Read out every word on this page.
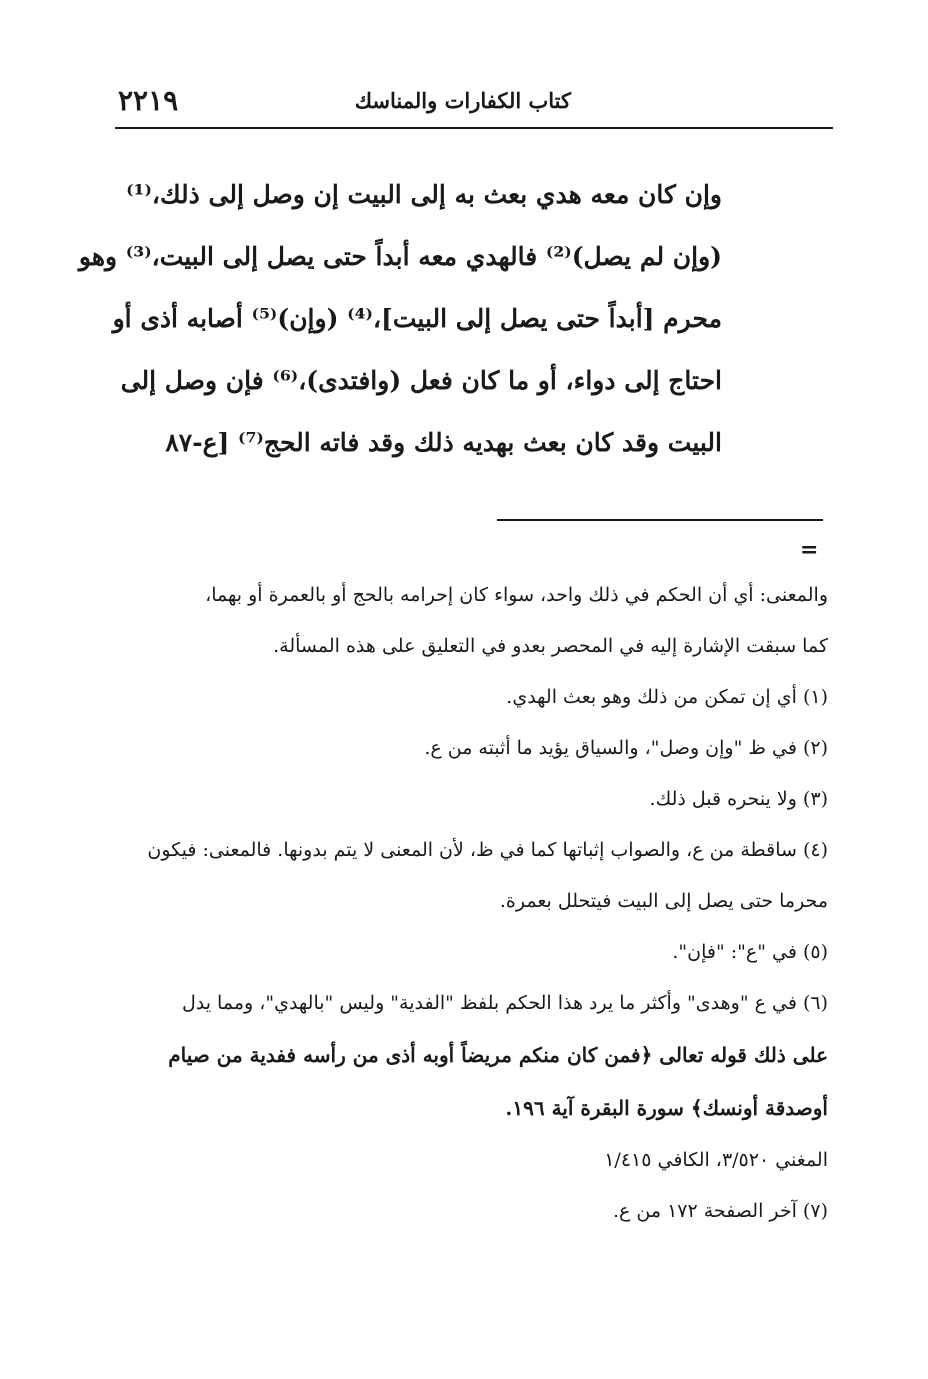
كتاب الكفارات والمناسك
٢٢١٩
وإن كان معه هدي بعث به إلى البيت إن وصل إلى ذلك،⁽¹⁾
(وإن لم يصل)⁽²⁾ فالهدي معه أبداً حتى يصل إلى البيت،⁽³⁾ وهو
محرم [أبداً حتى يصل إلى البيت]،⁽⁴⁾ (وإن)⁽⁵⁾ أصابه أذى أو
احتاج إلى دواء، أو ما كان فعل (وافتدى)،⁽⁶⁾ فإن وصل إلى
البيت وقد كان بعث بهديه ذلك وقد فاته الحج⁽⁷⁾ [ع-٨٧
=
والمعنى: أي أن الحكم في ذلك واحد، سواء كان إحرامه بالحج أو بالعمرة أو بهما،
كما سبقت الإشارة إليه في المحصر بعدو في التعليق على هذه المسألة.
(١) أي إن تمكن من ذلك وهو بعث الهدي.
(٢) في ظ "وإن وصل"، والسياق يؤيد ما أثبته من ع.
(٣) ولا ينحره قبل ذلك.
(٤) ساقطة من ع، والصواب إثباتها كما في ظ، لأن المعنى لا يتم بدونها. فالمعنى: فيكون
محرما حتى يصل إلى البيت فيتحلل بعمرة.
(٥) في "ع": "فإن".
(٦) في ع "وهدى" وأكثر ما يرد هذا الحكم بلفظ "الفدية" وليس "بالهدي"، ومما يدل
على ذلك قوله تعالى ﴿فمن كان منكم مريضاً أوبه أذى من رأسه ففدية من صيام
أوصدقة أونسك﴾ سورة البقرة آية ١٩٦.
المغني ٣/٥٢٠، الكافي ١/٤١٥
(٧) آخر الصفحة ١٧٢ من ع.
